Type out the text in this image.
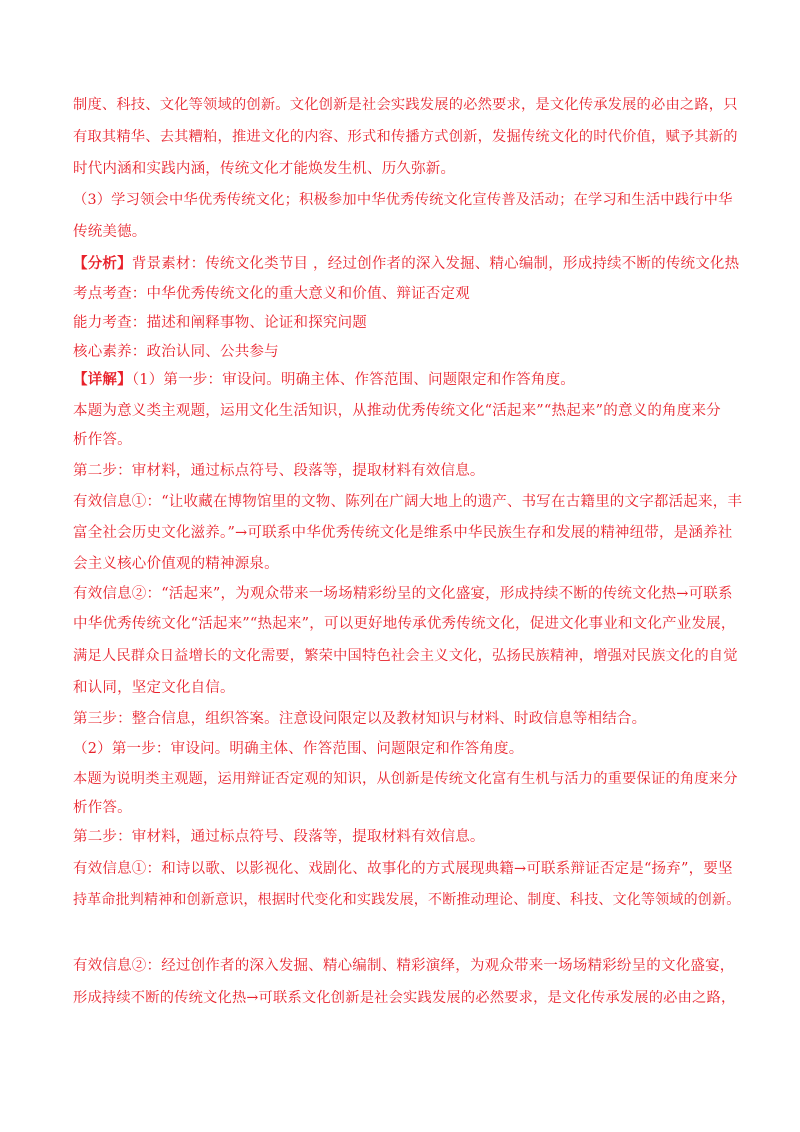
制度、科技、文化等领域的创新。文化创新是社会实践发展的必然要求，是文化传承发展的必由之路，只
有取其精华、去其糟粕，推进文化的内容、形式和传播方式创新，发掘传统文化的时代价值，赋予其新的
时代内涵和实践内涵，传统文化才能焕发生机、历久弥新。
（3）学习领会中华优秀传统文化；积极参加中华优秀传统文化宣传普及活动；在学习和生活中践行中华
传统美德。
【分析】背景素材：传统文化类节目 ，经过创作者的深入发掘、精心编制，形成持续不断的传统文化热
考点考查：中华优秀传统文化的重大意义和价值、辩证否定观
能力考查：描述和阐释事物、论证和探究问题
核心素养：政治认同、公共参与
【详解】（1）第一步：审设问。明确主体、作答范围、问题限定和作答角度。
本题为意义类主观题，运用文化生活知识，从推动优秀传统文化“活起来”“热起来”的意义的角度来分
析作答。
第二步：审材料，通过标点符号、段落等，提取材料有效信息。
有效信息①：“让收藏在博物馆里的文物、陈列在广阔大地上的遗产、书写在古籍里的文字都活起来，丰
富全社会历史文化滋养。”→可联系中华优秀传统文化是维系中华民族生存和发展的精神纽带，是涵养社
会主义核心价值观的精神源泉。
有效信息②：“活起来”，为观众带来一场场精彩纷呈的文化盛宴，形成持续不断的传统文化热→可联系
中华优秀传统文化“活起来”“热起来”，可以更好地传承优秀传统文化，促进文化事业和文化产业发展，
满足人民群众日益增长的文化需要，繁荣中国特色社会主义文化，弘扬民族精神，增强对民族文化的自觉
和认同，坚定文化自信。
第三步：整合信息，组织答案。注意设问限定以及教材知识与材料、时政信息等相结合。
（2）第一步：审设问。明确主体、作答范围、问题限定和作答角度。
本题为说明类主观题，运用辩证否定观的知识，从创新是传统文化富有生机与活力的重要保证的角度来分
析作答。
第二步：审材料，通过标点符号、段落等，提取材料有效信息。
有效信息①：和诗以歌、以影视化、戏剧化、故事化的方式展现典籍→可联系辩证否定是“扬弃”，要坚
持革命批判精神和创新意识，根据时代变化和实践发展，不断推动理论、制度、科技、文化等领域的创新。
有效信息②：经过创作者的深入发掘、精心编制、精彩演绎，为观众带来一场场精彩纷呈的文化盛宴，
形成持续不断的传统文化热→可联系文化创新是社会实践发展的必然要求，是文化传承发展的必由之路，
